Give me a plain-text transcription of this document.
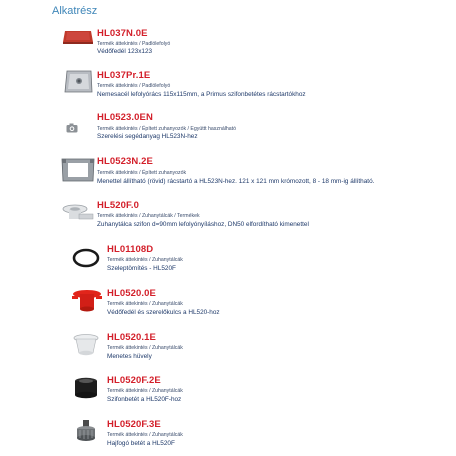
Alkatrész
HL037N.0E
Termék áttekintés / Padlólefolyó
Védőfedél 123x123
HL037Pr.1E
Termék áttekintés / Padlólefolyó
Nemesacél lefolyórács 115x115mm, a Primus szifonbetétes rácstartókhoz
HL0523.0EN
Termék áttekintés / Épített zuhanyozók / Együttt használható
Szerelési segédanyag HL523N-hez
HL0523N.2E
Termék áttekintés / Épített zuhanyozók
Menettel állítható (rövid) rácstartó a HL523N-hez. 121 x 121 mm krómozott, 8 - 18 mm-ig állítható.
HL520F.0
Termék áttekintés / Zuhanytálcák / Termékek
Zuhanytálca szifon d=90mm lefolyónyíláshoz, DN50 elfordítható kimenettel
HL01108D
Termék áttekintés / Zuhanytálcák
Szeleptömítés - HL520F
HL0520.0E
Termék áttekintés / Zuhanytálcák
Védőfedél és szerelőkulcs a HL520-hoz
HL0520.1E
Termék áttekintés / Zuhanytálcák
Menetes hüvely
HL0520F.2E
Termék áttekintés / Zuhanytálcák
Szifonbetét a HL520F-hoz
HL0520F.3E
Termék áttekintés / Zuhanytálcák
Hajfogó betét a HL520F
